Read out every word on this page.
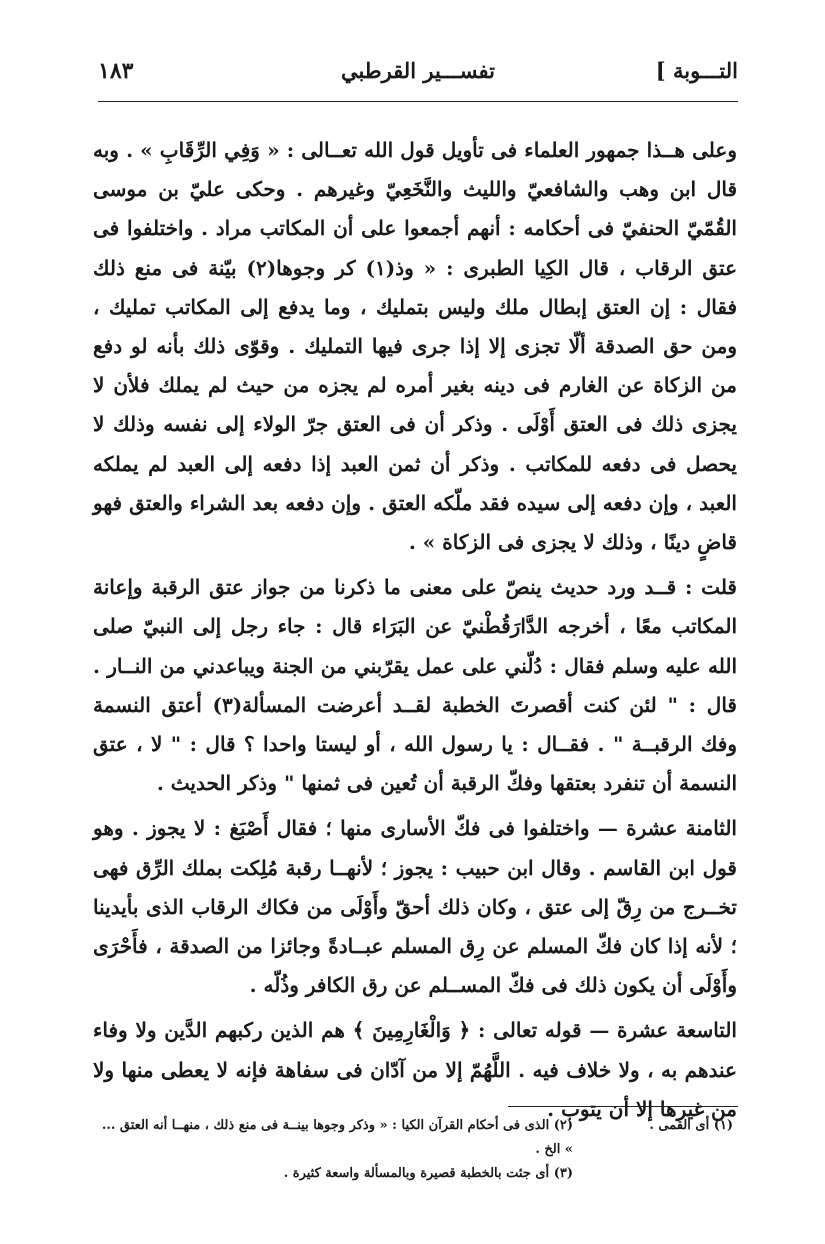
التـــوبة ]
تفســـير القرطبي
١٨٣

وعلى هــذا جمهور العلماء فى تأويل قول الله تعــالى : « وَفِي الرِّقَابِ » . وبه قال ابن وهب والشافعيّ والليث والنَّخَعِيّ وغيرهم . وحكى عليّ بن موسى القُمّيّ الحنفيّ فى أحكامه : أنهم أجمعوا على أن المكاتب مراد . واختلفوا فى عتق الرقاب ، قال الكِيا الطبرى : « وذ(١) كر وجوها(٢) بيّنة فى منع ذلك فقال : إن العتق إبطال ملك وليس بتمليك ، وما يدفع إلى المكاتب تمليك ، ومن حق الصدقة ألّا تجزى إلا إذا جرى فيها التمليك . وقوّى ذلك بأنه لو دفع من الزكاة عن الغارم فى دينه بغير أمره لم يجزه من حيث لم يملك فلأن لا يجزى ذلك فى العتق أَوْلَى . وذكر أن فى العتق جرّ الولاء إلى نفسه وذلك لا يحصل فى دفعه للمكاتب . وذكر أن ثمن العبد إذا دفعه إلى العبد لم يملكه العبد ، وإن دفعه إلى سيده فقد ملّكه العتق . وإن دفعه بعد الشراء والعتق فهو قاضٍ دينًا ، وذلك لا يجزى فى الزكاة » .

قلت : قــد ورد حديث ينصّ على معنى ما ذكرنا من جواز عتق الرقبة وإعانة المكاتب معًا ، أخرجه الدَّارَقُطْنيّ عن البَرَاء قال : جاء رجل إلى النبيّ صلى الله عليه وسلم فقال : دُلّني على عمل يقرّبني من الجنة ويباعدني من النــار . قال : " لئن كنت أقصرتَ الخطبة لقــد أعرضت المسألة(٣) أعتق النسمة وفك الرقبــة " . فقــال : يا رسول الله ، أو ليستا واحدا ؟ قال : " لا ، عتق النسمة أن تنفرد بعتقها وفكّ الرقبة أن تُعين فى ثمنها " وذكر الحديث .

الثامنة عشرة — واختلفوا فى فكّ الأسارى منها ؛ فقال أَصْبَغ : لا يجوز . وهو قول ابن القاسم . وقال ابن حبيب : يجوز ؛ لأنهــا رقبة مُلِكت بملك الرِّق فهى تخــرج من رِقّ إلى عتق ، وكان ذلك أحقّ وأَوْلَى من فكاك الرقاب الذى بأيدينا ؛ لأنه إذا كان فكّ المسلم عن رِق المسلم عبــادةً وجائزا من الصدقة ، فأَحْرَى وأَوْلَى أن يكون ذلك فى فكّ المســلم عن رق الكافر وذُلّه .

التاسعة عشرة — قوله تعالى : ﴿ وَالْغَارِمِينَ ﴾ هم الذين ركبهم الدَّين ولا وفاء عندهم به ، ولا خلاف فيه . اللَّهُمّ إلا من آدّان فى سفاهة فإنه لا يعطى منها ولا من غيرها إلا أن يتوب .

(١) أى القمى .
(٢) الذى فى أحكام القرآن الكيا : « وذكر وجوها بينــة فى منع ذلك ، منهــا أنه العتق ... » الخ .
(٣) أى جئت بالخطبة قصيرة وبالمسألة واسعة كثيرة .
